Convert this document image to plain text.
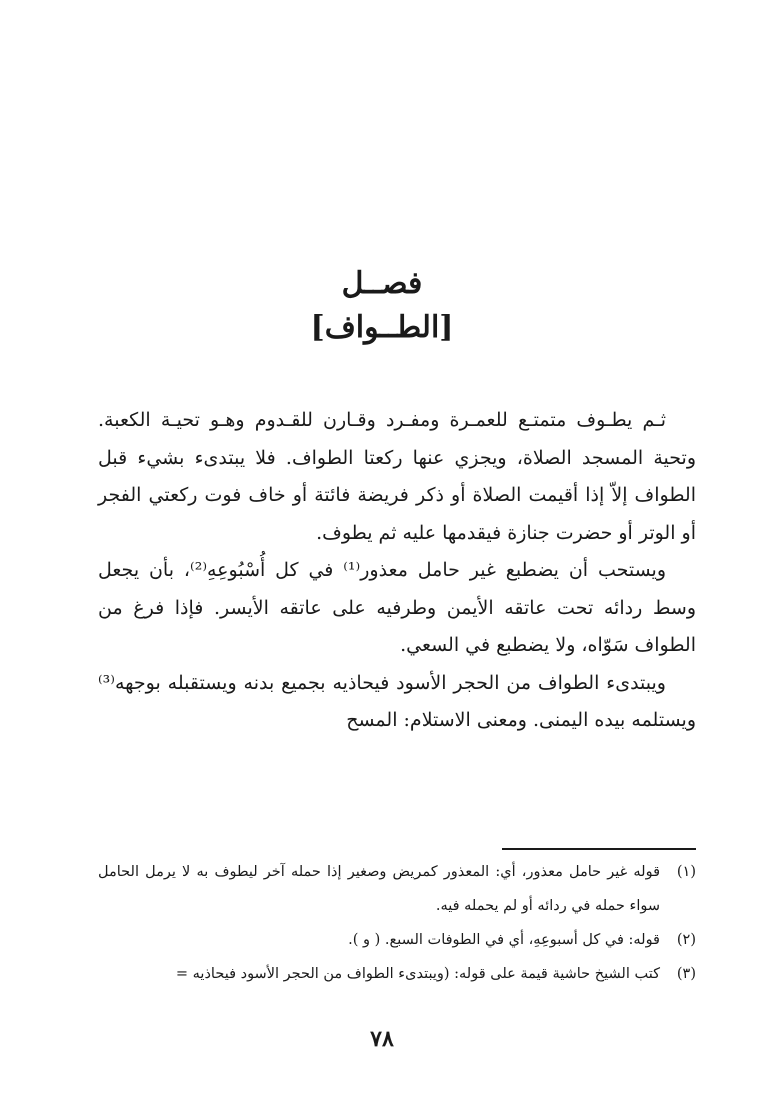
فصــل
[الطــواف]

ثـم يطـوف متمتـع للعمـرة ومفـرد وقـارن للقـدوم وهـو تحيـة الكعبة. وتحية المسجد الصلاة، ويجزي عنها ركعتا الطواف. فلا يبتدىء بشيء قبل الطواف إلاّ إذا أقيمت الصلاة أو ذكر فريضة فائتة أو خاف فوت ركعتي الفجر أو الوتر أو حضرت جنازة فيقدمها عليه ثم يطوف.

ويستحب أن يضطبع غير حامل معذور⁽¹⁾ في كل أُسْبُوعِهِ⁽²⁾، بأن يجعل وسط ردائه تحت عاتقه الأيمن وطرفيه على عاتقه الأيسر. فإذا فرغ من الطواف سَوّاه، ولا يضطبع في السعي.

ويبتدىء الطواف من الحجر الأسود فيحاذيه بجميع بدنه ويستقبله بوجهه⁽³⁾ ويستلمه بيده اليمنى. ومعنى الاستلام: المسح

(١)
قوله غير حامل معذور، أي: المعذور كمريض وصغير إذا حمله آخر ليطوف به لا يرمل الحامل سواء حمله في ردائه أو لم يحمله فيه.
(٢)
قوله: في كل أسبوعِهِ، أي في الطوفات السبع. ( و ).
(٣)
كتب الشيخ حاشية قيمة على قوله: (ويبتدىء الطواف من الحجر الأسود فيحاذيه =
٧٨
